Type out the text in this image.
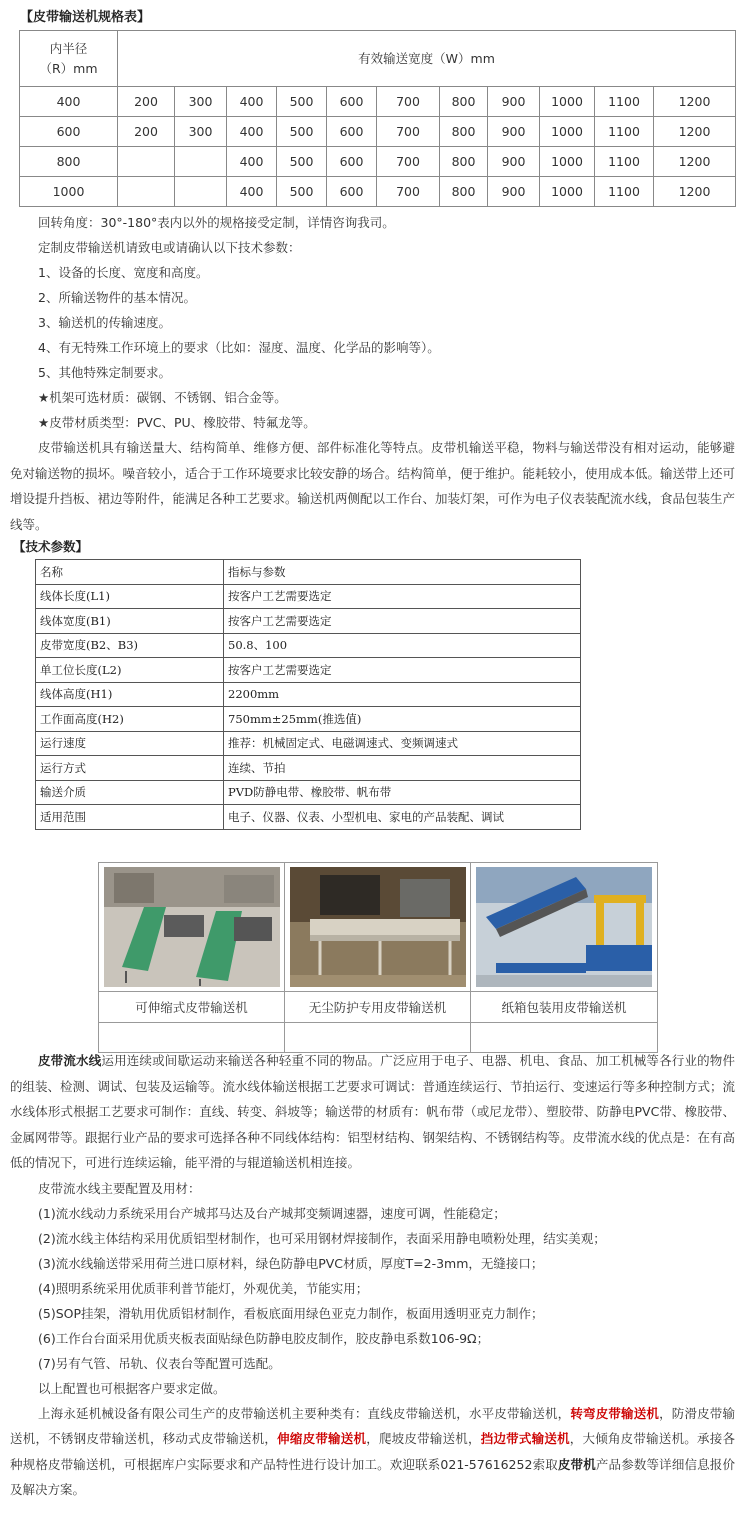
【皮带输送机规格表】
内半径
（R）mm	有效输送宽度（W）mm										
400	200	300	400	500	600	700	800	900	1000	1100	1200
600	200	300	400	500	600	700	800	900	1000	1100	1200
800			400	500	600	700	800	900	1000	1100	1200
1000			400	500	600	700	800	900	1000	1100	1200
回转角度：30°-180°表内以外的规格接受定制，详情咨询我司。
定制皮带输送机请致电或请确认以下技术参数：
1、设备的长度、宽度和高度。
2、所输送物件的基本情况。
3、输送机的传输速度。
4、有无特殊工作环境上的要求（比如：湿度、温度、化学品的影响等）。
5、其他特殊定制要求。
★机架可选材质：碳钢、不锈钢、铝合金等。
★皮带材质类型：PVC、PU、橡胶带、特氟龙等。

皮带输送机具有输送量大、结构简单、维修方便、部件标准化等特点。皮带机输送平稳，物料与输送带没有相对运动，能够避免对输送物的损坏。噪音较小，适合于工作环境要求比较安静的场合。结构简单，便于维护。能耗较小，使用成本低。输送带上还可增设提升挡板、裙边等附件，能满足各种工艺要求。输送机两侧配以工作台、加装灯架，可作为电子仪表装配流水线，食品包装生产线等。

【技术参数】
名称	指标与参数
线体长度(L1)	按客户工艺需要选定
线体宽度(B1)	按客户工艺需要选定
皮带宽度(B2、B3)	50.8、100
单工位长度(L2)	按客户工艺需要选定
线体高度(H1)	2200mm
工作面高度(H2)	750mm±25mm(推选值)
运行速度	推荐：机械固定式、电磁调速式、变频调速式
运行方式	连续、节拍
输送介质	PVD防静电带、橡胶带、帆布带
适用范围	电子、仪器、仪表、小型机电、家电的产品装配、调试

可伸缩式皮带输送机	无尘防护专用皮带输送机	纸箱包装用皮带输送机

皮带流水线运用连续或间歇运动来输送各种轻重不同的物品。广泛应用于电子、电器、机电、食品、加工机械等各行业的物件的组装、检测、调试、包装及运输等。流水线体输送根据工艺要求可调试：普通连续运行、节拍运行、变速运行等多种控制方式；流水线体形式根据工艺要求可制作：直线、转变、斜坡等；输送带的材质有：帆布带（或尼龙带）、塑胶带、防静电PVC带、橡胶带、金属网带等。跟据行业产品的要求可选择各种不同线体结构：铝型材结构、钢架结构、不锈钢结构等。皮带流水线的优点是：在有高低的情况下，可进行连续运输，能平滑的与辊道输送机相连接。

皮带流水线主要配置及用材：
(1)流水线动力系统采用台产城邦马达及台产城邦变频调速器，速度可调，性能稳定；
(2)流水线主体结构采用优质铝型材制作，也可采用钢材焊接制作，表面采用静电喷粉处理，结实美观；
(3)流水线输送带采用荷兰进口原材料，绿色防静电PVC材质，厚度T=2-3mm，无缝接口；
(4)照明系统采用优质菲利普节能灯，外观优美，节能实用；
(5)SOP挂架，滑轨用优质铝材制作，看板底面用绿色亚克力制作，板面用透明亚克力制作；
(6)工作台台面采用优质夹板表面贴绿色防静电胶皮制作，胶皮静电系数106-9Ω；
(7)另有气管、吊轨、仪表台等配置可选配。
以上配置也可根据客户要求定做。

上海永延机械设备有限公司生产的皮带输送机主要种类有：直线皮带输送机，水平皮带输送机，转弯皮带输送机，防滑皮带输送机，不锈钢皮带输送机，移动式皮带输送机，伸缩皮带输送机，爬坡皮带输送机，挡边带式输送机，大倾角皮带输送机。承接各种规格皮带输送机，可根据库户实际要求和产品特性进行设计加工。欢迎联系021-57616252索取皮带机产品参数等详细信息报价及解决方案。
